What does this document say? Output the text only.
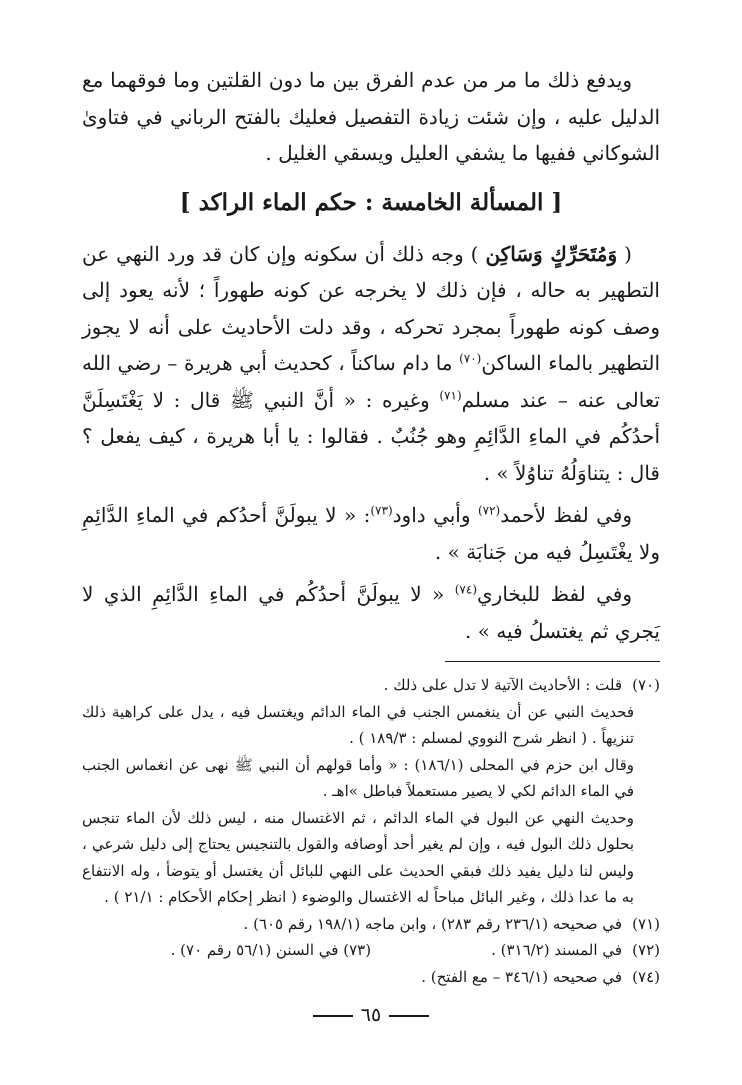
ويدفع ذلك ما مر من عدم الفرق بين ما دون القلتين وما فوقهما مع الدليل عليه ، وإن شئت زيادة التفصيل فعليك بالفتح الرباني في فتاوىٰ الشوكاني ففيها ما يشفي العليل ويسقي الغليل .

[ المسألة الخامسة : حكم الماء الراكد ]

( وَمُتَحَرِّكٍ وَسَاكِن ) وجه ذلك أن سكونه وإن كان قد ورد النهي عن التطهير به حاله ، فإن ذلك لا يخرجه عن كونه طهوراً ؛ لأنه يعود إلى وصف كونه طهوراً بمجرد تحركه ، وقد دلت الأحاديث على أنه لا يجوز التطهير بالماء الساكن$^{(٧٠)}$ ما دام ساكناً ، كحديث أبي هريرة – رضي الله تعالى عنه – عند مسلم$^{(٧١)}$ وغيره : « أنَّ النبي ﷺ قال : لا يَغْتَسِلَنَّ أحدُكُم في الماءِ الدَّائِمِ وهو جُنُبٌ . فقالوا : يا أبا هريرة ، كيف يفعل ؟ قال : يتناوَلُهُ تناوُلاً » .

وفي لفظ لأحمد$^{(٧٢)}$ وأبي داود$^{(٧٣)}$: « لا يبولَنَّ أحدُكم في الماءِ الدَّائِمِ ولا يغْتَسِلُ فيه من جَنابَة » .

وفي لفظ للبخاري$^{(٧٤)}$ « لا يبولَنَّ أحدُكُم في الماءِ الدَّائِمِ الذي لا يَجري ثم يغتسلُ فيه » .

(٧٠)قلت : الأحاديث الآتية لا تدل على ذلك .

فحديث النبي عن أن ينغمس الجنب في الماء الدائم ويغتسل فيه ، يدل على كراهية ذلك تنزيهاً . ( انظر شرح النووي لمسلم : ١٨٩/٣ ) .

وقال ابن حزم في المحلى (١٨٦/١) : « وأما قولهم أن النبي ﷺ نهى عن انغماس الجنب في الماء الدائم لكي لا يصير مستعملاً فباطل »اهـ .

وحديث النهي عن البول في الماء الدائم ، ثم الاغتسال منه ، ليس ذلك لأن الماء تنجس بحلول ذلك البول فيه ، وإن لم يغير أحد أوصافه والقول بالتنجيس يحتاج إلى دليل شرعي ، وليس لنا دليل يفيد ذلك فبقي الحديث على النهي للبائل أن يغتسل أو يتوضأ ، وله الانتفاع به ما عدا ذلك ، وغير البائل مباحاً له الاغتسال والوضوء ( انظر إحكام الأحكام : ٢١/١ ) .

(٧١)في صحيحه (٢٣٦/١ رقم ٢٨٣) ، وابن ماجه (١٩٨/١ رقم ٦٠٥) .

(٧٢)في المسند (٣١٦/٢) .
(٧٣) في السنن (٥٦/١ رقم ٧٠) .

(٧٤)في صحيحه (٣٤٦/١ – مع الفتح) .

٦٥
